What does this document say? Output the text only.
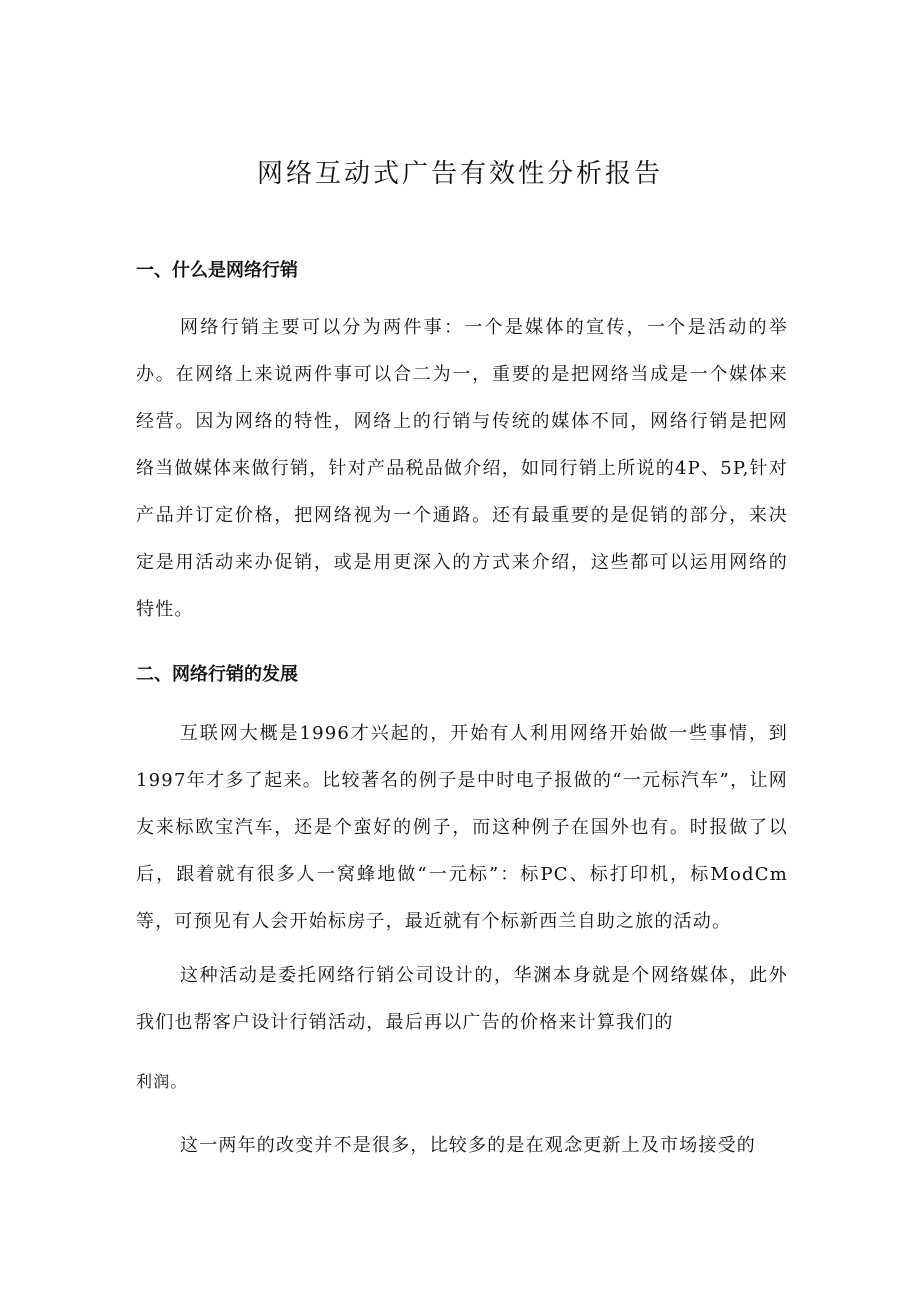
网络互动式广告有效性分析报告
一、什么是网络行销

网络行销主要可以分为两件事：一个是媒体的宣传，一个是活动的举办。在网络上来说两件事可以合二为一，重要的是把网络当成是一个媒体来经营。因为网络的特性，网络上的行销与传统的媒体不同，网络行销是把网络当做媒体来做行销，针对产品税品做介绍，如同行销上所说的4P、5P,针对产品并订定价格，把网络视为一个通路。还有最重要的是促销的部分，来决定是用活动来办促销，或是用更深入的方式来介绍，这些都可以运用网络的特性。

二、网络行销的发展

互联网大概是1996才兴起的，开始有人利用网络开始做一些事情，到1997年才多了起来。比较著名的例子是中时电子报做的“一元标汽车”，让网友来标欧宝汽车，还是个蛮好的例子，而这种例子在国外也有。时报做了以后，跟着就有很多人一窝蜂地做“一元标”：标PC、标打印机，标ModCm等，可预见有人会开始标房子，最近就有个标新西兰自助之旅的活动。

这种活动是委托网络行销公司设计的，华渊本身就是个网络媒体，此外我们也帮客户设计行销活动，最后再以广告的价格来计算我们的

利润。

这一两年的改变并不是很多，比较多的是在观念更新上及市场接受的
